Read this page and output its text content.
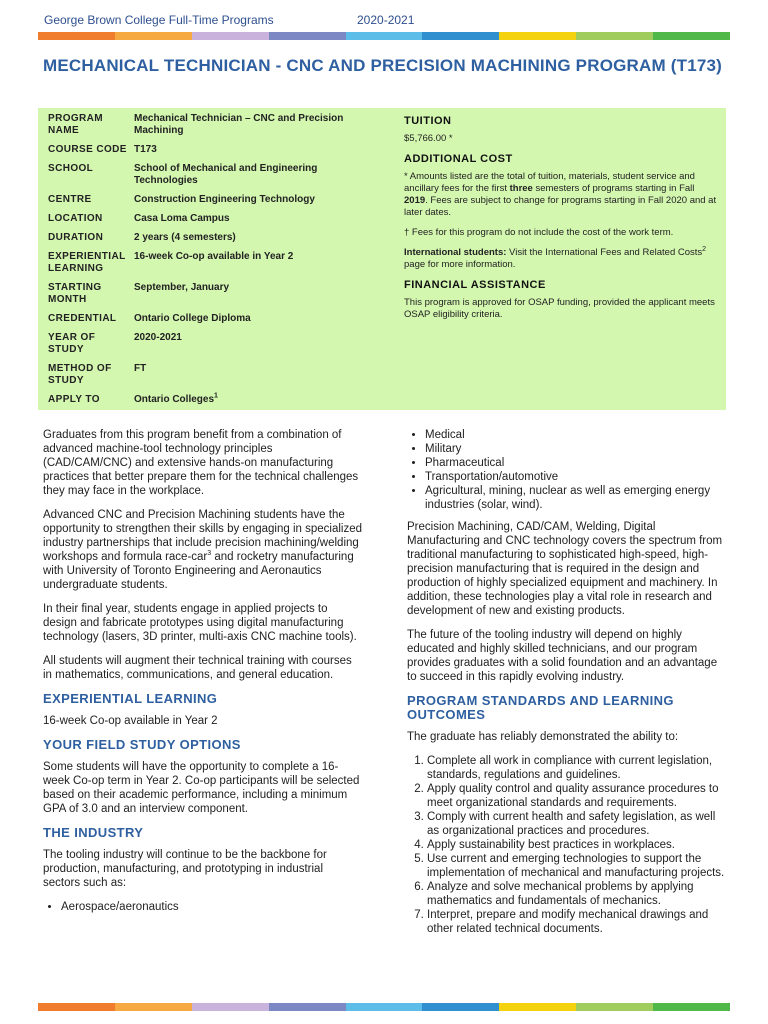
George Brown College Full-Time Programs	2020-2021
MECHANICAL TECHNICIAN - CNC AND PRECISION MACHINING PROGRAM (T173)
PROGRAM NAME	Mechanical Technician – CNC and Precision Machining
COURSE CODE	T173
SCHOOL	School of Mechanical and Engineering Technologies
CENTRE	Construction Engineering Technology
LOCATION	Casa Loma Campus
DURATION	2 years (4 semesters)
EXPERIENTIAL LEARNING	16-week Co-op available in Year 2
STARTING MONTH	September, January
CREDENTIAL	Ontario College Diploma
YEAR OF STUDY	2020-2021
METHOD OF STUDY	FT
APPLY TO	Ontario Colleges$^1$
TUITION

$5,766.00 *

ADDITIONAL COST

* Amounts listed are the total of tuition, materials, student service and ancillary fees for the first three semesters of programs starting in Fall 2019. Fees are subject to change for programs starting in Fall 2020 and at later dates.

† Fees for this program do not include the cost of the work term.

International students: Visit the International Fees and Related Costs$^2$ page for more information.

FINANCIAL ASSISTANCE

This program is approved for OSAP funding, provided the applicant meets OSAP eligibility criteria.

Graduates from this program benefit from a combination of advanced machine-tool technology principles (CAD/CAM/CNC) and extensive hands-on manufacturing practices that better prepare them for the technical challenges they may face in the workplace.

Advanced CNC and Precision Machining students have the opportunity to strengthen their skills by engaging in specialized industry partnerships that include precision machining/welding workshops and formula race-car$^3$ and rocketry manufacturing with University of Toronto Engineering and Aeronautics undergraduate students.

In their final year, students engage in applied projects to design and fabricate prototypes using digital manufacturing technology (lasers, 3D printer, multi-axis CNC machine tools).

All students will augment their technical training with courses in mathematics, communications, and general education.

EXPERIENTIAL LEARNING

16-week Co-op available in Year 2

YOUR FIELD STUDY OPTIONS

Some students will have the opportunity to complete a 16-week Co-op term in Year 2. Co-op participants will be selected based on their academic performance, including a minimum GPA of 3.0 and an interview component.

THE INDUSTRY

The tooling industry will continue to be the backbone for production, manufacturing, and prototyping in industrial sectors such as:

• Aerospace/aeronautics
• Medical
• Military
• Pharmaceutical
• Transportation/automotive
• Agricultural, mining, nuclear as well as emerging energy industries (solar, wind).

Precision Machining, CAD/CAM, Welding, Digital Manufacturing and CNC technology covers the spectrum from traditional manufacturing to sophisticated high-speed, high-precision manufacturing that is required in the design and production of highly specialized equipment and machinery. In addition, these technologies play a vital role in research and development of new and existing products.

The future of the tooling industry will depend on highly educated and highly skilled technicians, and our program provides graduates with a solid foundation and an advantage to succeed in this rapidly evolving industry.

PROGRAM STANDARDS AND LEARNING OUTCOMES

The graduate has reliably demonstrated the ability to:

1. Complete all work in compliance with current legislation, standards, regulations and guidelines.
2. Apply quality control and quality assurance procedures to meet organizational standards and requirements.
3. Comply with current health and safety legislation, as well as organizational practices and procedures.
4. Apply sustainability best practices in workplaces.
5. Use current and emerging technologies to support the implementation of mechanical and manufacturing projects.
6. Analyze and solve mechanical problems by applying mathematics and fundamentals of mechanics.
7. Interpret, prepare and modify mechanical drawings and other related technical documents.
